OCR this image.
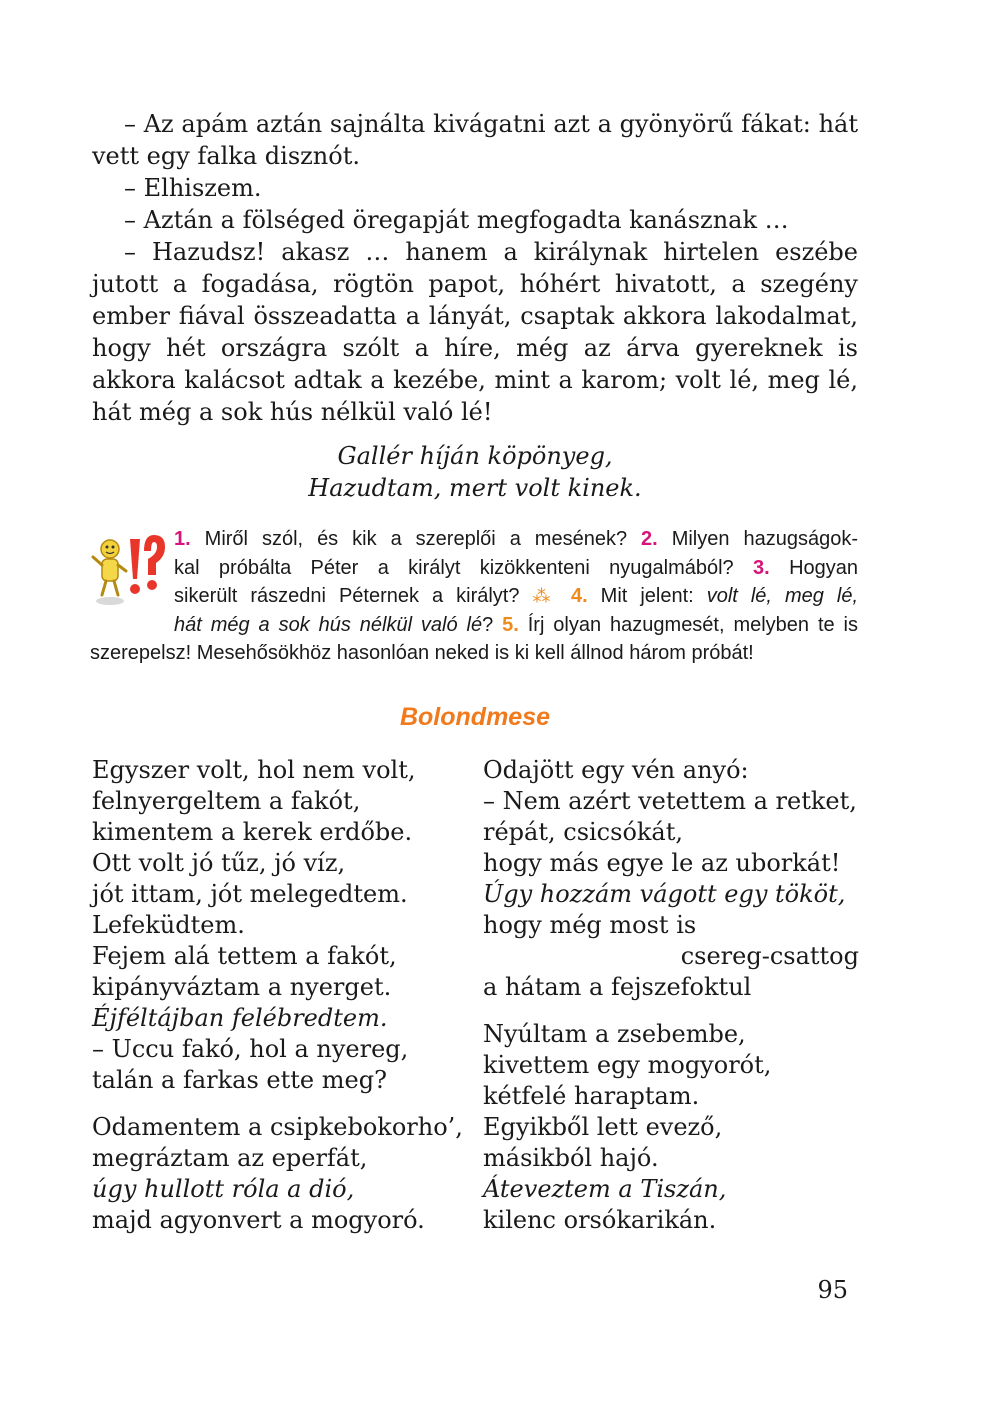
– Az apám aztán sajnálta kivágatni azt a gyönyörű fákat: hát vett egy falka disznót.

– Elhiszem.

– Aztán a fölséged öregapját megfogadta kanásznak …

– Hazudsz! akasz … hanem a királynak hirtelen eszébe jutott a fogadása, rögtön papot, hóhért hivatott, a szegény ember fiával összeadatta a lányát, csaptak akkora lakodalmat, hogy hét országra szólt a híre, még az árva gyereknek is akkora kalácsot adtak a kezébe, mint a karom; volt lé, meg lé, hát még a sok hús nélkül való lé!

Gallér híján köpönyeg,
Hazudtam, mert volt kinek.
1. Miről szól, és kik a szereplői a mesének? 2. Milyen hazugságok-
kal próbálta Péter a királyt kizökkenteni nyugalmából? 3. Hogyan
sikerült rászedni Péternek a királyt? ⁂ 4. Mit jelent: volt lé, meg lé,
hát még a sok hús nélkül való lé? 5. Írj olyan hazugmesét, melyben te is
szerepelsz! Mesehősökhöz hasonlóan neked is ki kell állnod három próbát!
Bolondmese
Egyszer volt, hol nem volt,
felnyergeltem a fakót,
kimentem a kerek erdőbe.
Ott volt jó tűz, jó víz,
jót ittam, jót melegedtem.
Lefeküdtem.
Fejem alá tettem a fakót,
kipányváztam a nyerget.
Éjféltájban felébredtem.
– Uccu fakó, hol a nyereg,
talán a farkas ette meg?
Odamentem a csipkebokorho’,
megráztam az eperfát,
úgy hullott róla a dió,
majd agyonvert a mogyoró.
Odajött egy vén anyó:
– Nem azért vetettem a retket,
répát, csicsókát,
hogy más egye le az uborkát!
Úgy hozzám vágott egy tököt,
hogy még most is
csereg-csattog
a hátam a fejszefoktul
Nyúltam a zsebembe,
kivettem egy mogyorót,
kétfelé haraptam.
Egyikből lett evező,
másikból hajó.
Áteveztem a Tiszán,
kilenc orsókarikán.
95
